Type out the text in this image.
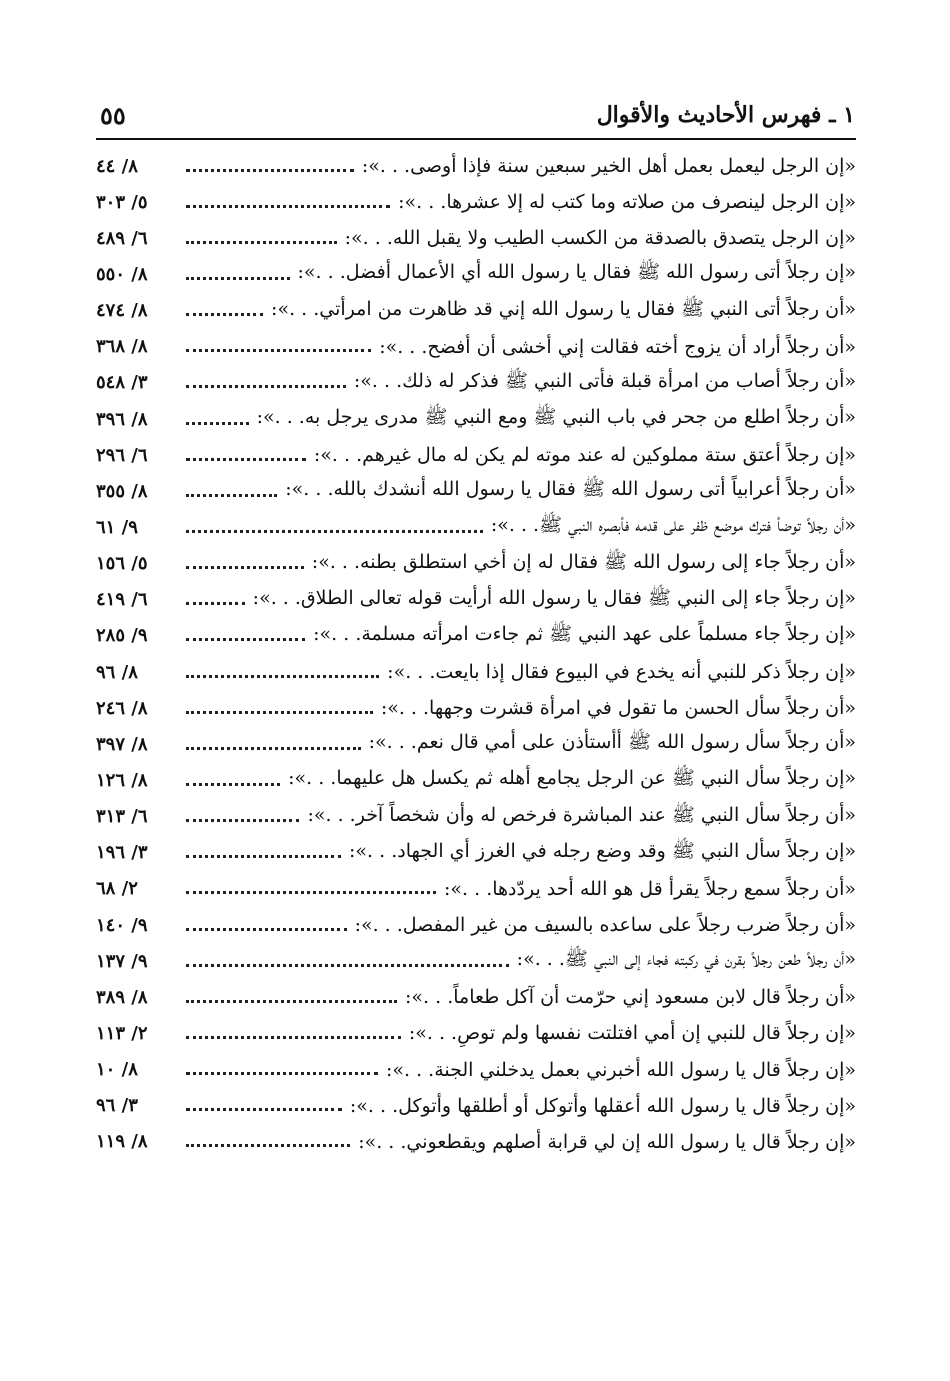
٥٥	١ ـ فهرس الأحاديث والأقوال
٨/ ٤٤	«إن الرجل ليعمل بعمل أهل الخير سبعين سنة فإذا أوصى. . .»:
٥/ ٣٠٣	«إن الرجل لينصرف من صلاته وما كتب له إلا عشرها. . .»:
٦/ ٤٨٩	«إن الرجل يتصدق بالصدقة من الكسب الطيب ولا يقبل الله. . .»:
٨/ ٥٥٠	«إن رجلاً أتى رسول الله ﷺ فقال يا رسول الله أي الأعمال أفضل. . .»:
٨/ ٤٧٤	«أن رجلاً أتى النبي ﷺ فقال يا رسول الله إني قد ظاهرت من امرأتي. . .»:
٨/ ٣٦٨	«أن رجلاً أراد أن يزوج أخته فقالت إني أخشى أن أفضح. . .»:
٣/ ٥٤٨	«أن رجلاً أصاب من امرأة قبلة فأتى النبي ﷺ فذكر له ذلك. . .»:
٨/ ٣٩٦	«أن رجلاً اطلع من جحر في باب النبي ﷺ ومع النبي ﷺ مدرى يرجل به. . .»:
٦/ ٢٩٦	«إن رجلاً أعتق ستة مملوكين له عند موته لم يكن له مال غيرهم. . .»:
٨/ ٣٥٥	«أن رجلاً أعرابياً أتى رسول الله ﷺ فقال يا رسول الله أنشدك بالله. . .»:
٩/ ٦١	«أن رجلاً توضأ فترك موضع ظفر على قدمه فأبصره النبي ﷺ. . .»:
٥/ ١٥٦	«أن رجلاً جاء إلى رسول الله ﷺ فقال له إن أخي استطلق بطنه. . .»:
٦/ ٤١٩	«إن رجلاً جاء إلى النبي ﷺ فقال يا رسول الله أرأيت قوله تعالى الطلاق. . .»:
٩/ ٢٨٥	«إن رجلاً جاء مسلماً على عهد النبي ﷺ ثم جاءت امرأته مسلمة. . .»:
٨/ ٩٦	«إن رجلاً ذكر للنبي أنه يخدع في البيوع فقال إذا بايعت. . .»:
٨/ ٢٤٦	«أن رجلاً سأل الحسن ما تقول في امرأة قشرت وجهها. . .»:
٨/ ٣٩٧	«أن رجلاً سأل رسول الله ﷺ أأستأذن على أمي قال نعم. . .»:
٨/ ١٢٦	«إن رجلاً سأل النبي ﷺ عن الرجل يجامع أهله ثم يكسل هل عليهما. . .»:
٦/ ٣١٣	«أن رجلاً سأل النبي ﷺ عند المباشرة فرخص له وأن شخصاً آخر. . .»:
٣/ ١٩٦	«إن رجلاً سأل النبي ﷺ وقد وضع رجله في الغرز أي الجهاد. . .»:
٢/ ٦٨	«أن رجلاً سمع رجلاً يقرأ قل هو الله أحد يردّدها. . .»:
٩/ ١٤٠	«أن رجلاً ضرب رجلاً على ساعده بالسيف من غير المفصل. . .»:
٩/ ١٣٧	«أن رجلاً طعن رجلاً بقرن في ركبته فجاء إلى النبي ﷺ. . .»:
٨/ ٣٨٩	«أن رجلاً قال لابن مسعود إني حرّمت أن آكل طعاماً. . .»:
٢/ ١١٣	«إن رجلاً قال للنبي إن أمي افتلتت نفسها ولم توصِ. . .»:
٨/ ١٠	«إن رجلاً قال يا رسول الله أخبرني بعمل يدخلني الجنة. . .»:
٣/ ٩٦	«إن رجلاً قال يا رسول الله أعقلها وأتوكل أو أطلقها وأتوكل. . .»:
٨/ ١١٩	«إن رجلاً قال يا رسول الله إن لي قرابة أصلهم ويقطعوني. . .»:
